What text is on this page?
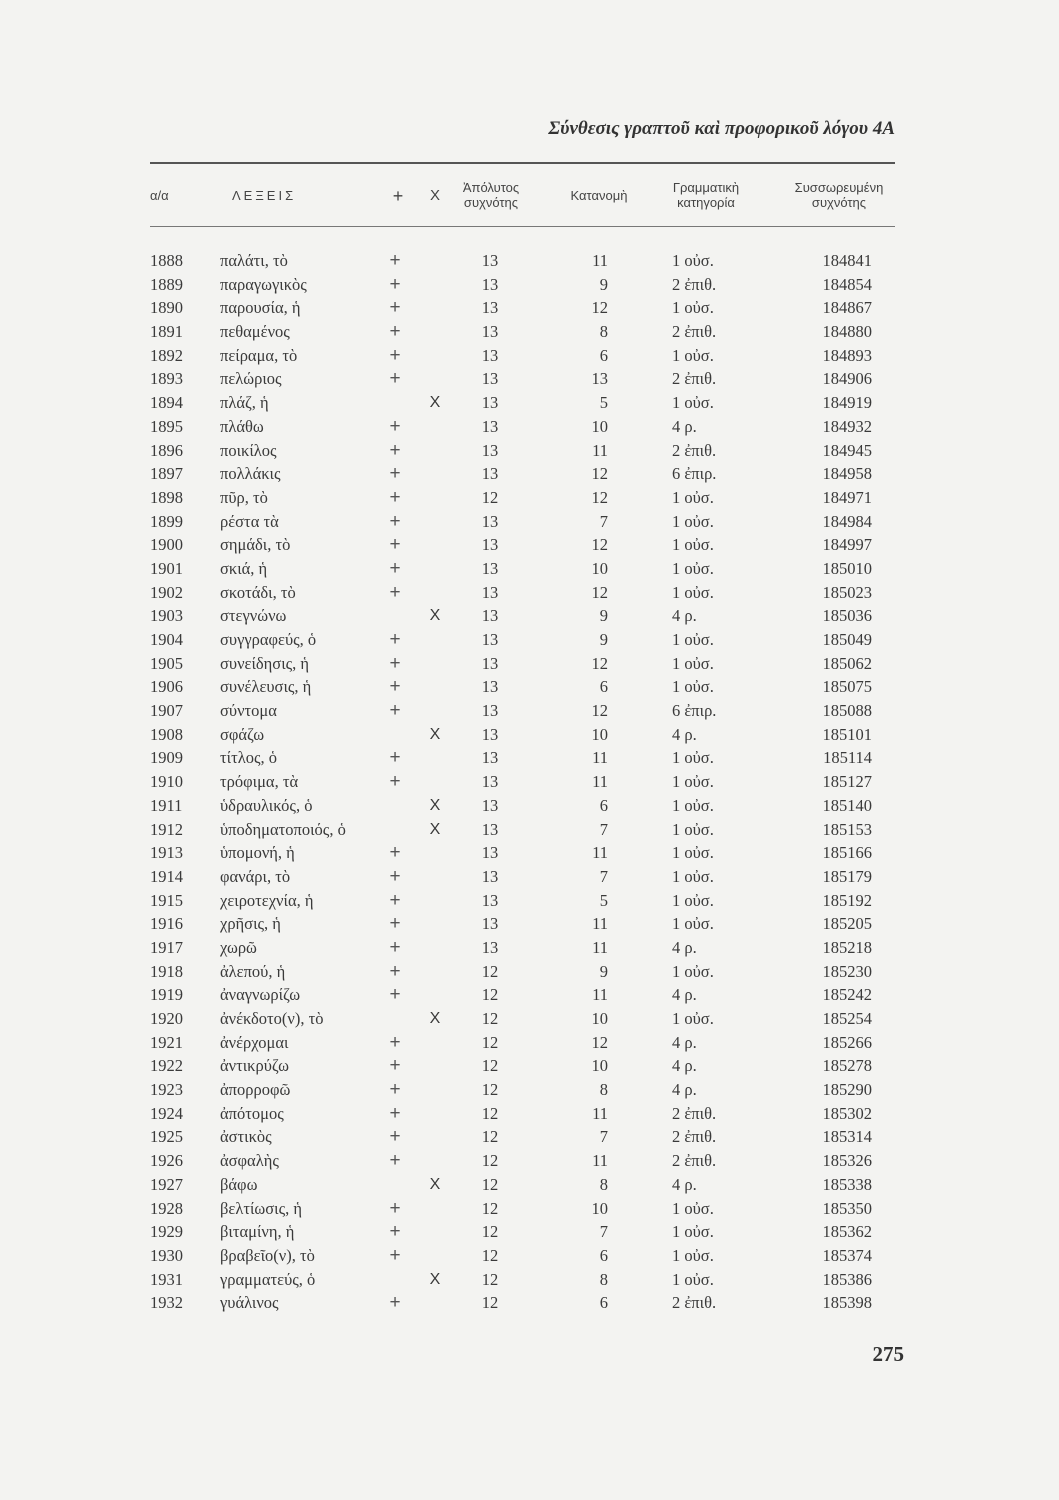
Σύνθεσις γραπτοῦ καὶ προφορικοῦ λόγου 4Α
α/α	ΛΕΞΕΙΣ	+	Χ	Ἀπόλυτος
συχνότης	Κατανομὴ	Γραμματικὴ
κατηγορία
Συσσωρευμένη
συχνότης
1888	παλάτι, τὸ	+	13	11	1 οὐσ.	184841
1889	παραγωγικὸς	+	13	9	2 ἐπιθ.	184854
1890	παρουσία, ἡ	+	13	12	1 οὐσ.	184867
1891	πεθαμένος	+	13	8	2 ἐπιθ.	184880
1892	πείραμα, τὸ	+	13	6	1 οὐσ.	184893
1893	πελώριος	+	13	13	2 ἐπιθ.	184906
1894	πλάζ, ἡ	Χ	13	5	1 οὐσ.	184919
1895	πλάθω	+	13	10	4 ρ.	184932
1896	ποικίλος	+	13	11	2 ἐπιθ.	184945
1897	πολλάκις	+	13	12	6 ἐπιρ.	184958
1898	πῦρ, τὸ	+	12	12	1 οὐσ.	184971
1899	ρέστα τὰ	+	13	7	1 οὐσ.	184984
1900	σημάδι, τὸ	+	13	12	1 οὐσ.	184997
1901	σκιά, ἡ	+	13	10	1 οὐσ.	185010
1902	σκοτάδι, τὸ	+	13	12	1 οὐσ.	185023
1903	στεγνώνω	Χ	13	9	4 ρ.	185036
1904	συγγραφεύς, ὁ	+	13	9	1 οὐσ.	185049
1905	συνείδησις, ἡ	+	13	12	1 οὐσ.	185062
1906	συνέλευσις, ἡ	+	13	6	1 οὐσ.	185075
1907	σύντομα	+	13	12	6 ἐπιρ.	185088
1908	σφάζω	Χ	13	10	4 ρ.	185101
1909	τίτλος, ὁ	+	13	11	1 οὐσ.	185114
1910	τρόφιμα, τὰ	+	13	11	1 οὐσ.	185127
1911	ὑδραυλικός, ὁ	Χ	13	6	1 οὐσ.	185140
1912	ὑποδηματοποιός, ὁ	Χ	13	7	1 οὐσ.	185153
1913	ὑπομονή, ἡ	+	13	11	1 οὐσ.	185166
1914	φανάρι, τὸ	+	13	7	1 οὐσ.	185179
1915	χειροτεχνία, ἡ	+	13	5	1 οὐσ.	185192
1916	χρῆσις, ἡ	+	13	11	1 οὐσ.	185205
1917	χωρῶ	+	13	11	4 ρ.	185218
1918	ἀλεπού, ἡ	+	12	9	1 οὐσ.	185230
1919	ἀναγνωρίζω	+	12	11	4 ρ.	185242
1920	ἀνέκδοτο(ν), τὸ	Χ	12	10	1 οὐσ.	185254
1921	ἀνέρχομαι	+	12	12	4 ρ.	185266
1922	ἀντικρύζω	+	12	10	4 ρ.	185278
1923	ἀπορροφῶ	+	12	8	4 ρ.	185290
1924	ἀπότομος	+	12	11	2 ἐπιθ.	185302
1925	ἀστικὸς	+	12	7	2 ἐπιθ.	185314
1926	ἀσφαλὴς	+	12	11	2 ἐπιθ.	185326
1927	βάφω	Χ	12	8	4 ρ.	185338
1928	βελτίωσις, ἡ	+	12	10	1 οὐσ.	185350
1929	βιταμίνη, ἡ	+	12	7	1 οὐσ.	185362
1930	βραβεῖο(ν), τὸ	+	12	6	1 οὐσ.	185374
1931	γραμματεύς, ὁ	Χ	12	8	1 οὐσ.	185386
1932	γυάλινος	+	12	6	2 ἐπιθ.	185398
275
